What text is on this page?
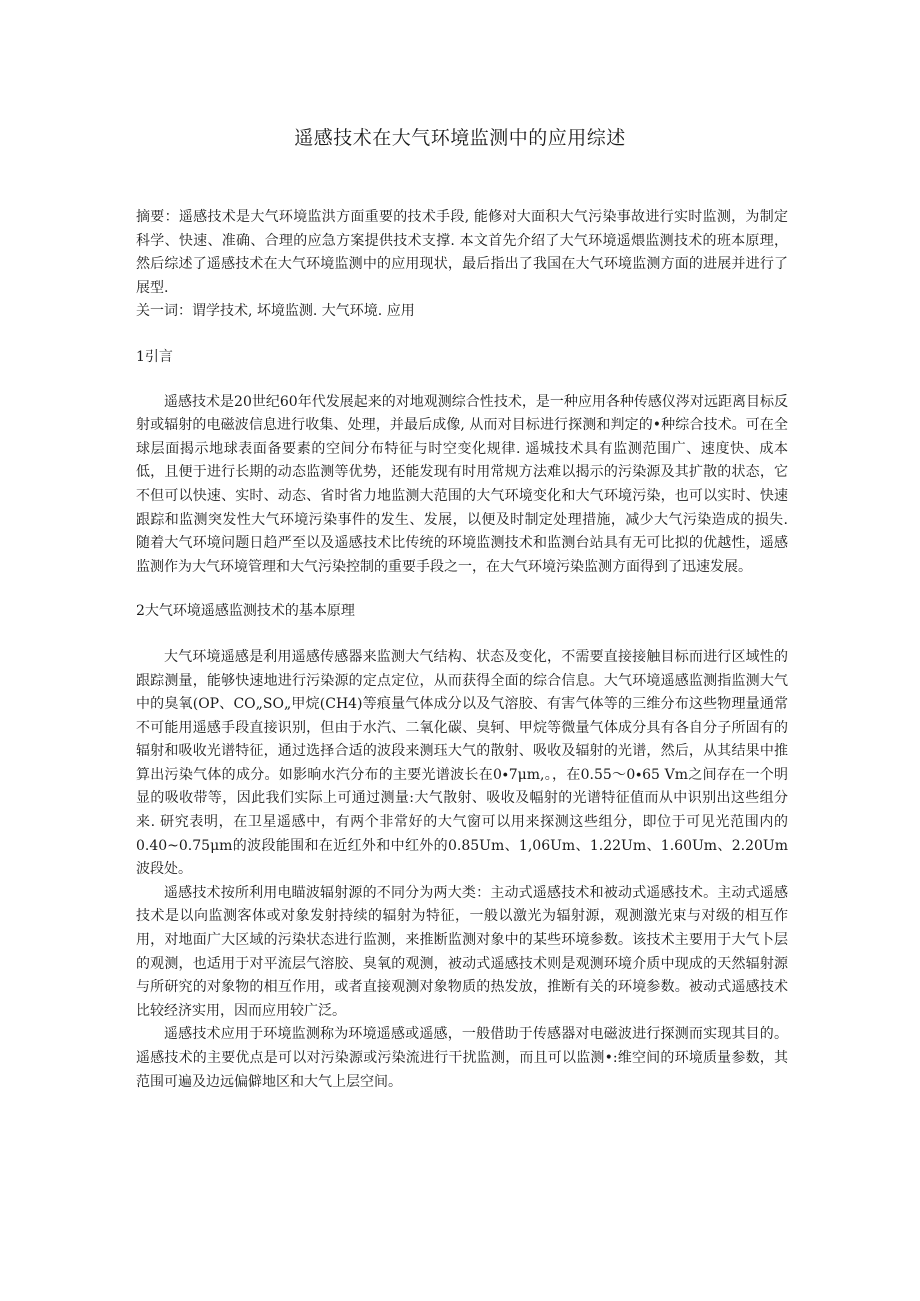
遥感技术在大气环境监测中的应用综述

摘要：遥感技术是大气环境监洪方面重要的技术手段, 能修对大面积大气污染事故进行实时监测，为制定科学、快速、准确、合理的应急方案提供技术支撑. 本文首先介绍了大气环境遥煨监测技术的班本原理，然后综述了遥感技术在大气环境监测中的应用现状，最后指出了我国在大气环境监测方面的进展并进行了展型.

关一词：谓学技术, 坏境监测. 大气环境. 应用

1引言

遥感技术是20世纪60年代发展起来的对地观测综合性技术，是一种应用各种传感仪涔对远距离目标反射或辐射的电磁波信息进行收集、处理，并最后成像, 从而对目标进行探测和判定的•种综合技术。可在全球层面揭示地球表面备要素的空间分布特征与时空变化规律. 遥城技术具有监测范围广、速度快、成本低，且便于进行长期的动态监测等优势，还能发现有时用常规方法难以揭示的污染源及其扩散的状态，它不但可以快速、实时、动态、省时省力地监测大范围的大气环境变化和大气环境污染，也可以实时、快速跟踪和监测突发性大气环境污染事件的发生、发展，以便及时制定处理措施，减少大气污染造成的损失. 随着大气环境问题日趋严至以及遥感技术比传统的环境监测技术和监测台站具有无可比拟的优越性，遥感监测作为大气环境管理和大气污染控制的重要手段之一，在大气环境污染监测方面得到了迅速发展。

2大气环境遥感监测技术的基本原理

大气环境遥感是利用遥感传感器来监测大气结构、状态及变化，不需要直接接触目标而进行区域性的跟踪测量，能够快速地进行污染源的定点定位，从而获得全面的综合信息。大气环境遥感监测指监测大气中的臭氧(OP、CO„SO„甲烷(CH4)等痕量气体成分以及气溶胶、有害气体等的三维分布这些物理量通常不可能用遥感手段直接识别，但由于水汽、二氧化碳、臭轲、甲烷等微量气体成分具有各自分子所固有的辐射和吸收光谱特征，通过选择合适的波段来测珏大气的散射、吸收及辐射的光谱，然后，从其结果中推算出污染气体的成分。如影晌水汽分布的主要光谱波长在0∙7μm,。，在0.55〜0∙65 Vm之间存在一个明显的吸收带等，因此我们实际上可通过测量:大气散射、吸收及幅射的光谱特征值而从中识别出这些组分来. 研究表明，在卫星遥感中，有两个非常好的大气窗可以用来探测这些组分，即位于可见光范围内的0.40~0.75μm的波段能围和在近红外和中红外的0.85Um、1,06Um、1.22Um、1.60Um、2.20Um波段处。

遥感技术按所利用电瞄波辐射源的不同分为两大类：主动式遥感技术和被动式遥感技术。主动式遥感技术是以向监测客体或对象发射持续的辐射为特征，一般以激光为辐射源，观测激光束与对级的相互作用，对地面广大区域的污染状态进行监测，来推断监测对象中的某些环境参数。该技术主要用于大气卜层的观测，也适用于对平流层气溶胶、臭氧的观测，被动式遥感技术则是观测环境介质中现成的天然辐射源与所研究的对象物的相互作用，或者直接观测对象物质的热发放，推断有关的环境参数。被动式遥感技术比较经济实用，因而应用较广泛。

遥感技术应用于环境监测称为环境遥感或遥感，一般借助于传感器对电磁波进行探测而实现其目的。遥感技术的主要优点是可以对污染源或污染流进行干扰监测，而且可以监测•:维空间的环境质量参数，其范围可遍及边远偏僻地区和大气上层空间。
